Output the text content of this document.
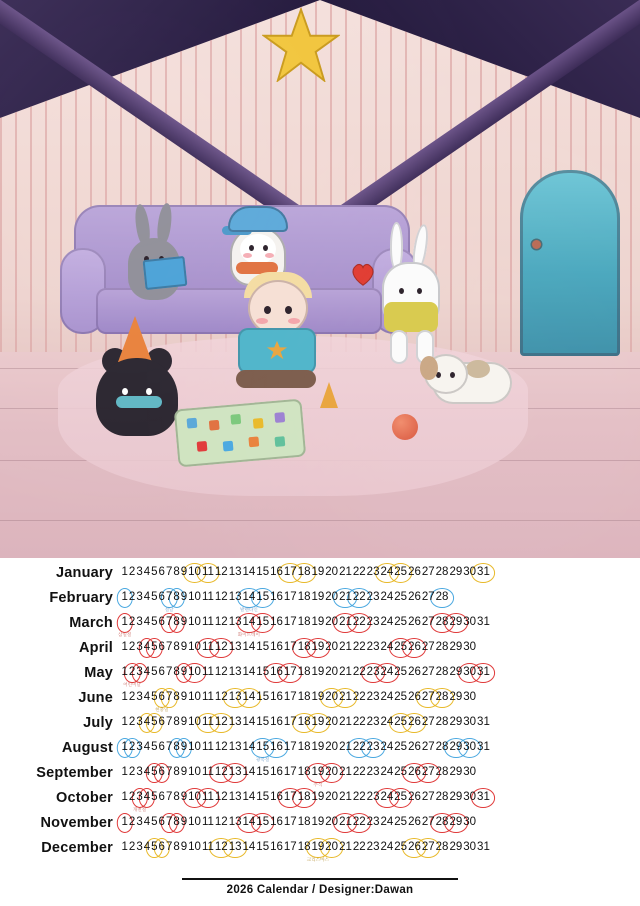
January 1 2 3 4 5 6 7 8 9 10 11 12 13 14 15 16 17 18 19 20 21 22 23 24 25 26 27 28 29 30 31
February 1 2 3 4 5 6 7
설날
8 9 10 11 12 13 14
발렌타인
15 16 17 18 19 20 21 22 23 24 25 26 27 28
March 1
삼일절
2 3 4 5 6 7 8 9 10 11 12 13 14
화이트데이
15 16 17 18 19 20 21 22 23 24 25 26 27 28 29 30 31
April 1 2 3 4 5 6 7 8 9 10 11 12 13 14 15 16 17 18 19 20 21 22 23 24 25 26 27 28 29 30
May 1 2
어린이날
3 4 5 6 7 8 9 10 11 12 13 14 15 16 17 18 19 20 21 22 23 24 25 26 27 28 29 30 31
June 1 2 3 4 5 6
현충일
7 8 9 10 11 12 13 14 15 16 17 18 19 20 21 22 23 24 25 26 27 28 29 30
July 1 2 3 4 5 6 7 8 9 10 11 12 13 14 15 16 17 18 19 20 21 22 23 24 25 26 27 28 29 30 31
August 1 2 3 4 5 6 7 8 9 10 11 12 13 14 15
광복절
16 17 18 19 20 21 22 23 24 25 26 27 28 29 30 31
September 1 2 3 4 5 6 7 8 9 10 11 12 13 14 15 16 17 18 19
추석
20 21 22 23 24 25 26 27 28 29 30
October 1 2 3
개천절
4 5 6 7 8 9 10 11 12 13 14 15 16 17 18 19 20 21 22 23 24 25 26 27 28 29 30 31
November 1 2 3 4 5 6 7 8 9 10 11 12 13 14 15 16 17 18 19 20 21 22 23 24 25 26 27 28 29 30
December 1 2 3 4 5 6 7 8 9 10 11 12 13 14 15 16 17 18 19
크리스마스
20 21 22 23 24 25 26 27 28 29 30 31
2026 Calendar / Designer:Dawan
